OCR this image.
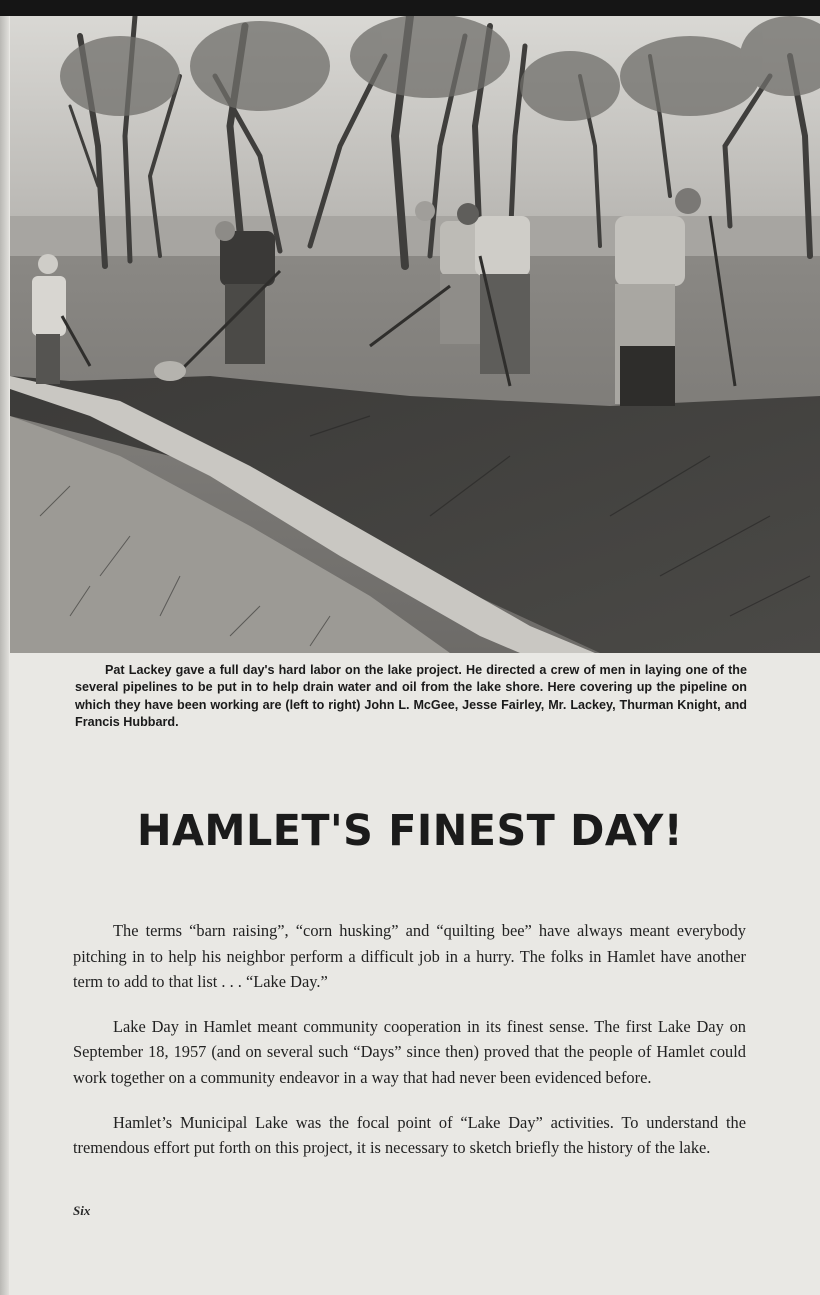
Pat Lackey gave a full day's hard labor on the lake project. He directed a crew of men in laying one of the several pipelines to be put in to help drain water and oil from the lake shore. Here covering up the pipeline on which they have been working are (left to right) John L. McGee, Jesse Fairley, Mr. Lackey, Thurman Knight, and Francis Hubbard.

HAMLET'S FINEST DAY!

The terms “barn raising”, “corn husking” and “quilting bee” have always meant everybody pitching in to help his neighbor perform a difficult job in a hurry. The folks in Hamlet have another term to add to that list . . . “Lake Day.”

Lake Day in Hamlet meant community cooperation in its finest sense. The first Lake Day on September 18, 1957 (and on several such “Days” since then) proved that the people of Hamlet could work together on a community endeavor in a way that had never been evidenced before.

Hamlet’s Municipal Lake was the focal point of “Lake Day” activities. To understand the tremendous effort put forth on this project, it is necessary to sketch briefly the history of the lake.

Six
